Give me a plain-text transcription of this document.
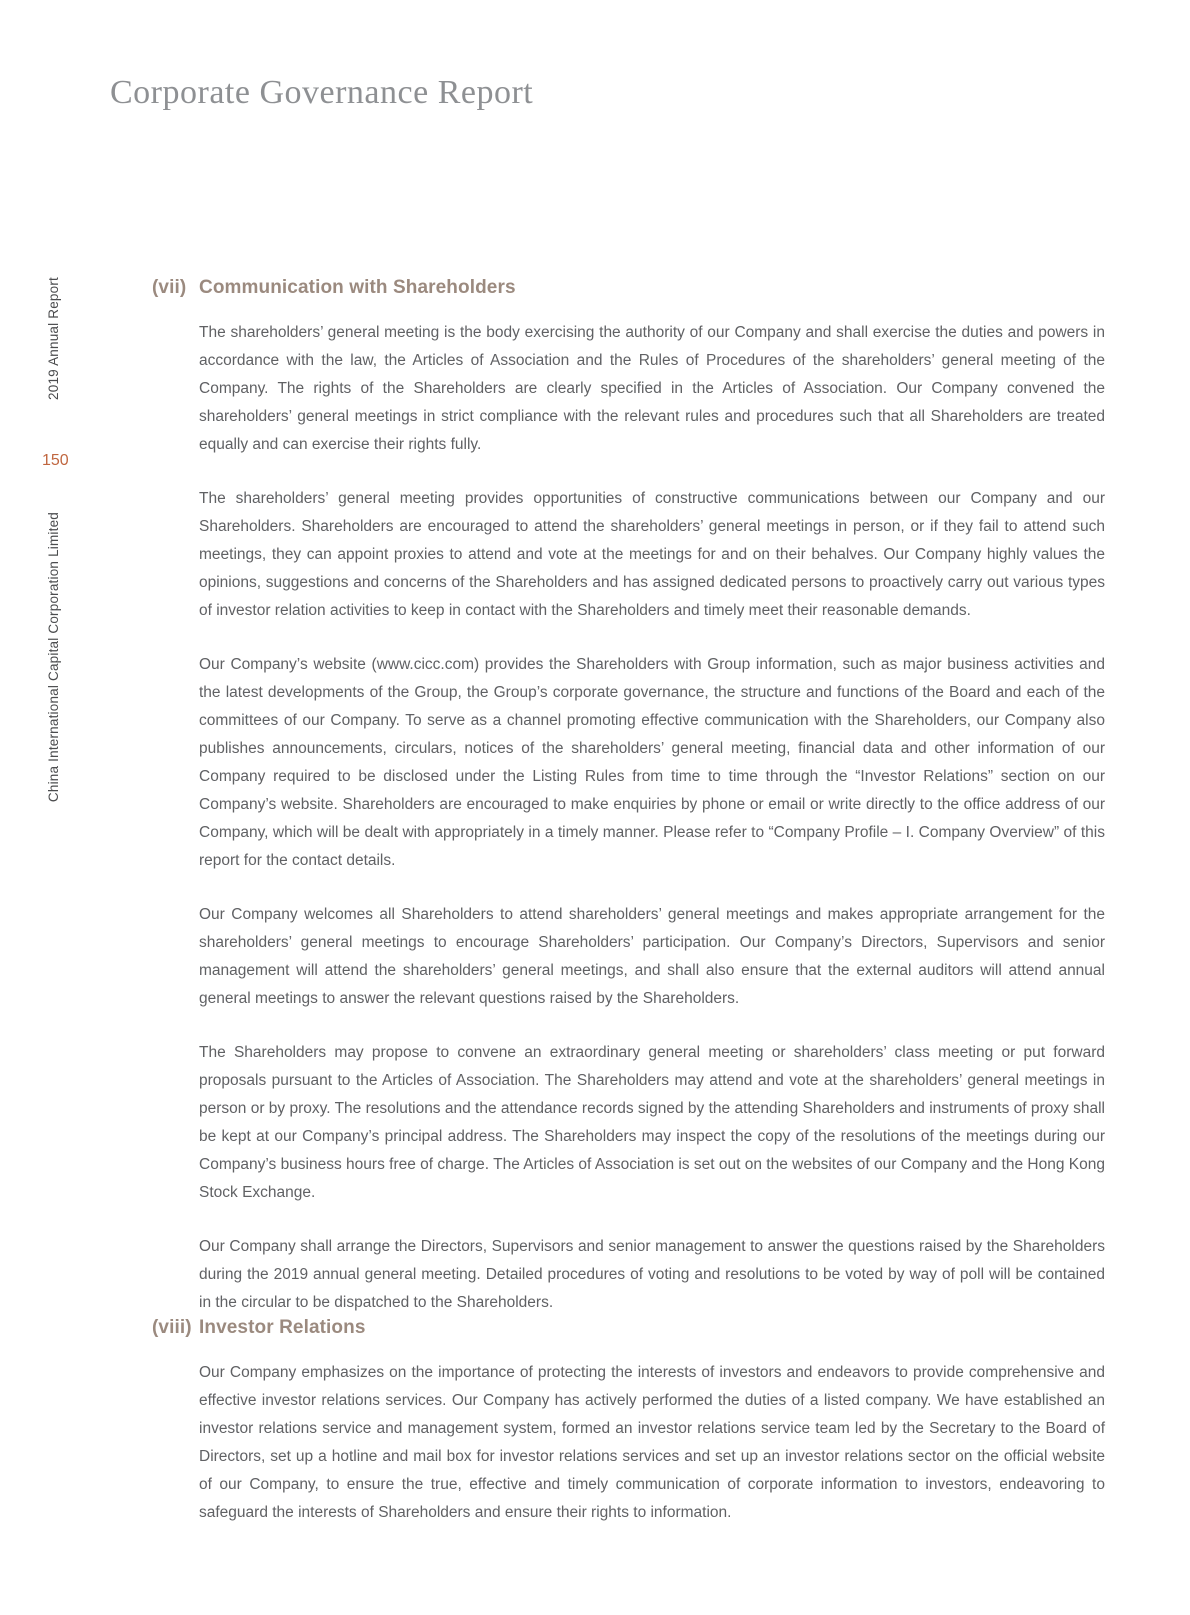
Corporate Governance Report
2019 Annual Report
150
China International Capital Corporation Limited
(vii) Communication with Shareholders

The shareholders’ general meeting is the body exercising the authority of our Company and shall exercise the duties and powers in accordance with the law, the Articles of Association and the Rules of Procedures of the shareholders’ general meeting of the Company. The rights of the Shareholders are clearly specified in the Articles of Association. Our Company convened the shareholders’ general meetings in strict compliance with the relevant rules and procedures such that all Shareholders are treated equally and can exercise their rights fully.

The shareholders’ general meeting provides opportunities of constructive communications between our Company and our Shareholders. Shareholders are encouraged to attend the shareholders’ general meetings in person, or if they fail to attend such meetings, they can appoint proxies to attend and vote at the meetings for and on their behalves. Our Company highly values the opinions, suggestions and concerns of the Shareholders and has assigned dedicated persons to proactively carry out various types of investor relation activities to keep in contact with the Shareholders and timely meet their reasonable demands.

Our Company’s website (www.cicc.com) provides the Shareholders with Group information, such as major business activities and the latest developments of the Group, the Group’s corporate governance, the structure and functions of the Board and each of the committees of our Company. To serve as a channel promoting effective communication with the Shareholders, our Company also publishes announcements, circulars, notices of the shareholders’ general meeting, financial data and other information of our Company required to be disclosed under the Listing Rules from time to time through the “Investor Relations” section on our Company’s website. Shareholders are encouraged to make enquiries by phone or email or write directly to the office address of our Company, which will be dealt with appropriately in a timely manner. Please refer to “Company Profile – I. Company Overview” of this report for the contact details.

Our Company welcomes all Shareholders to attend shareholders’ general meetings and makes appropriate arrangement for the shareholders’ general meetings to encourage Shareholders’ participation. Our Company’s Directors, Supervisors and senior management will attend the shareholders’ general meetings, and shall also ensure that the external auditors will attend annual general meetings to answer the relevant questions raised by the Shareholders.

The Shareholders may propose to convene an extraordinary general meeting or shareholders’ class meeting or put forward proposals pursuant to the Articles of Association. The Shareholders may attend and vote at the shareholders’ general meetings in person or by proxy. The resolutions and the attendance records signed by the attending Shareholders and instruments of proxy shall be kept at our Company’s principal address. The Shareholders may inspect the copy of the resolutions of the meetings during our Company’s business hours free of charge. The Articles of Association is set out on the websites of our Company and the Hong Kong Stock Exchange.

Our Company shall arrange the Directors, Supervisors and senior management to answer the questions raised by the Shareholders during the 2019 annual general meeting. Detailed procedures of voting and resolutions to be voted by way of poll will be contained in the circular to be dispatched to the Shareholders.

(viii) Investor Relations

Our Company emphasizes on the importance of protecting the interests of investors and endeavors to provide comprehensive and effective investor relations services. Our Company has actively performed the duties of a listed company. We have established an investor relations service and management system, formed an investor relations service team led by the Secretary to the Board of Directors, set up a hotline and mail box for investor relations services and set up an investor relations sector on the official website of our Company, to ensure the true, effective and timely communication of corporate information to investors, endeavoring to safeguard the interests of Shareholders and ensure their rights to information.
